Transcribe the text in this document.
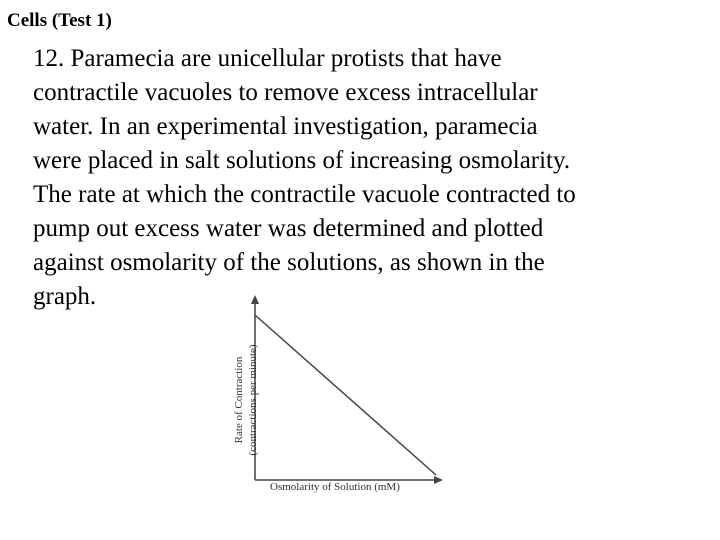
Cells (Test 1)
12. Paramecia are unicellular protists that have
contractile vacuoles to remove excess intracellular
water. In an experimental investigation, paramecia
were placed in salt solutions of increasing osmolarity.
The rate at which the contractile vacuole contracted to
pump out excess water was determined and plotted
against osmolarity of the solutions, as shown in the
graph.
Rate of Contraction (contractions per minute)
Osmolarity of Solution (mM)
